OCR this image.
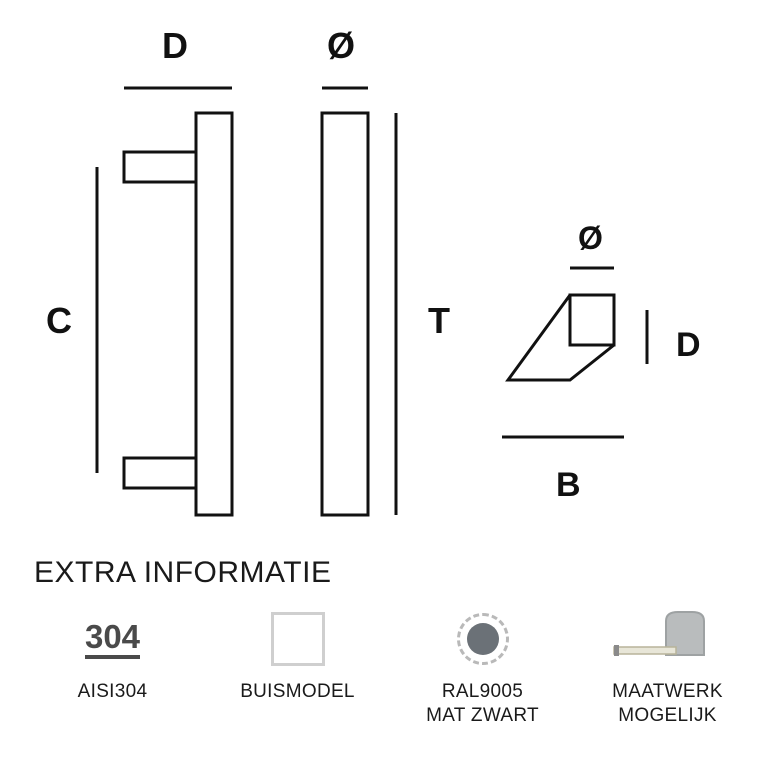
D	Ø
C	T
Ø
D
B
EXTRA INFORMATIE
304
AISI304	BUISMODEL	RAL9005
MAT ZWART
MAATWERK
MOGELIJK
